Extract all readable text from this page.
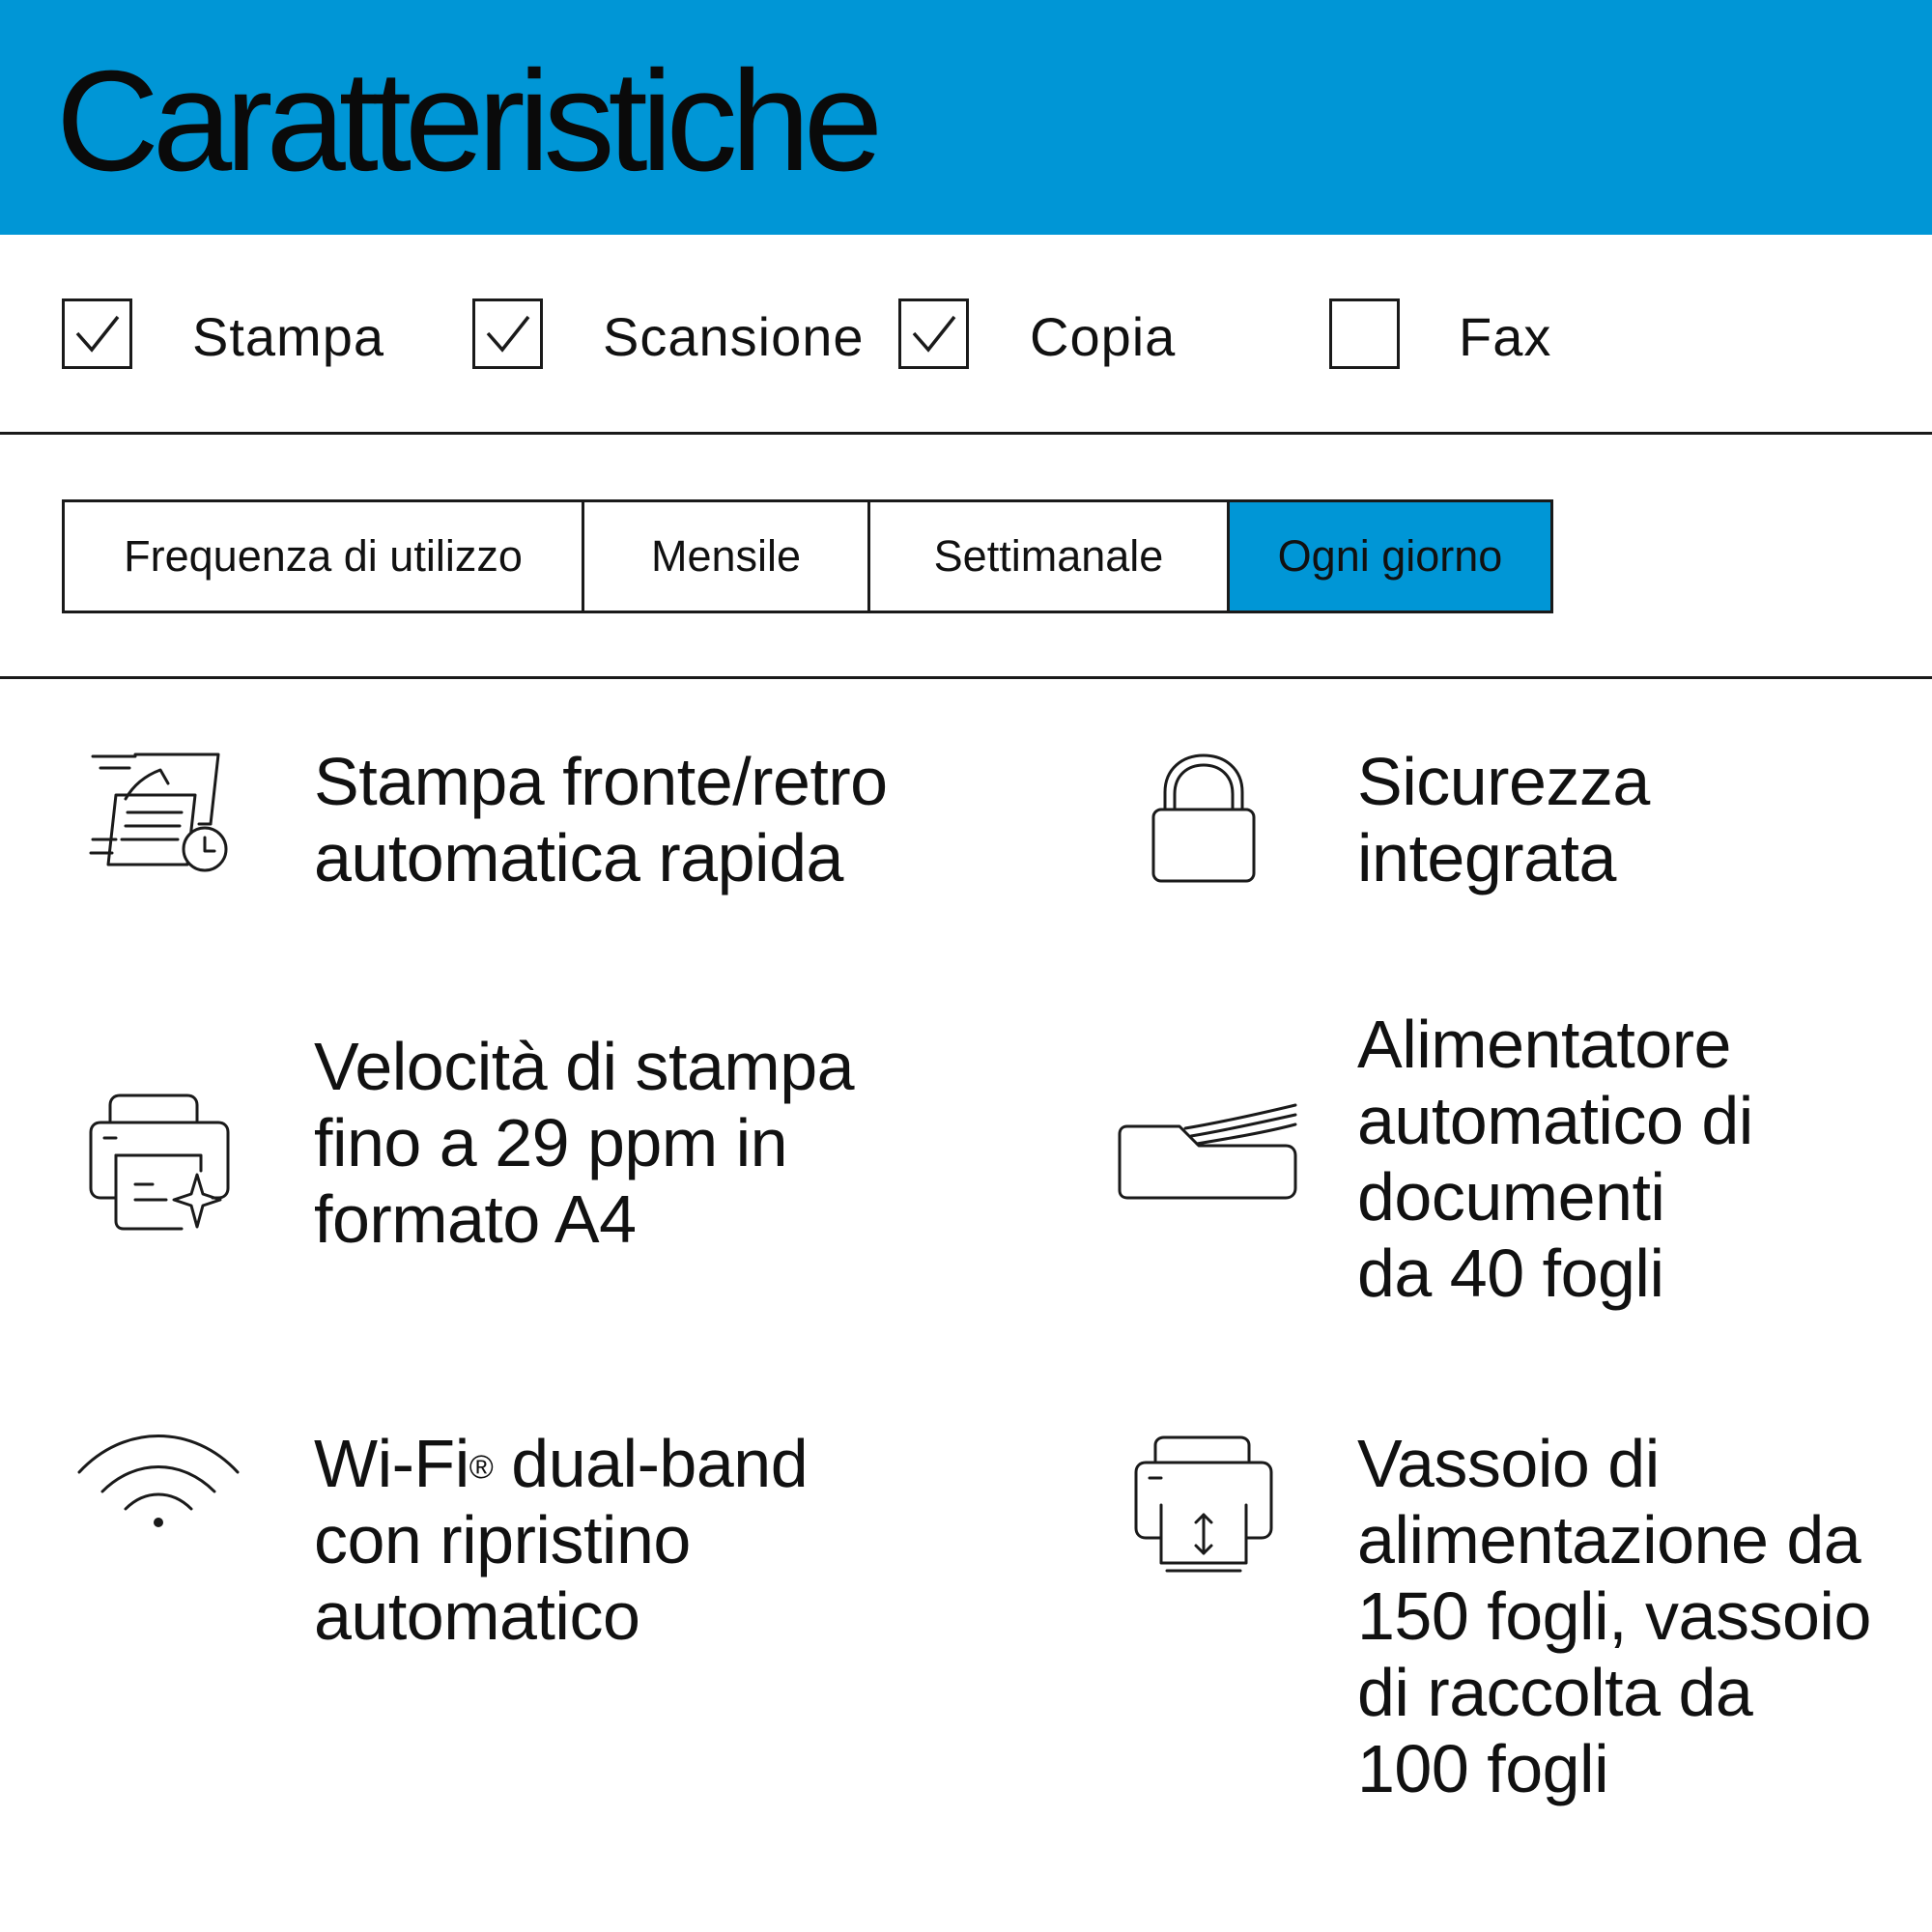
Caratteristiche
Stampa	Scansione	Copia	Fax
Frequenza di utilizzo	Mensile	Settimanale	Ogni giorno
Stampa fronte/retro
automatica rapida
Sicurezza
integrata
Velocità di stampa
fino a 29 ppm in
formato A4
Alimentatore
automatico di
documenti
da 40 fogli
Wi-Fi® dual-band
con ripristino
automatico
Vassoio di
alimentazione da
150 fogli, vassoio
di raccolta da
100 fogli
